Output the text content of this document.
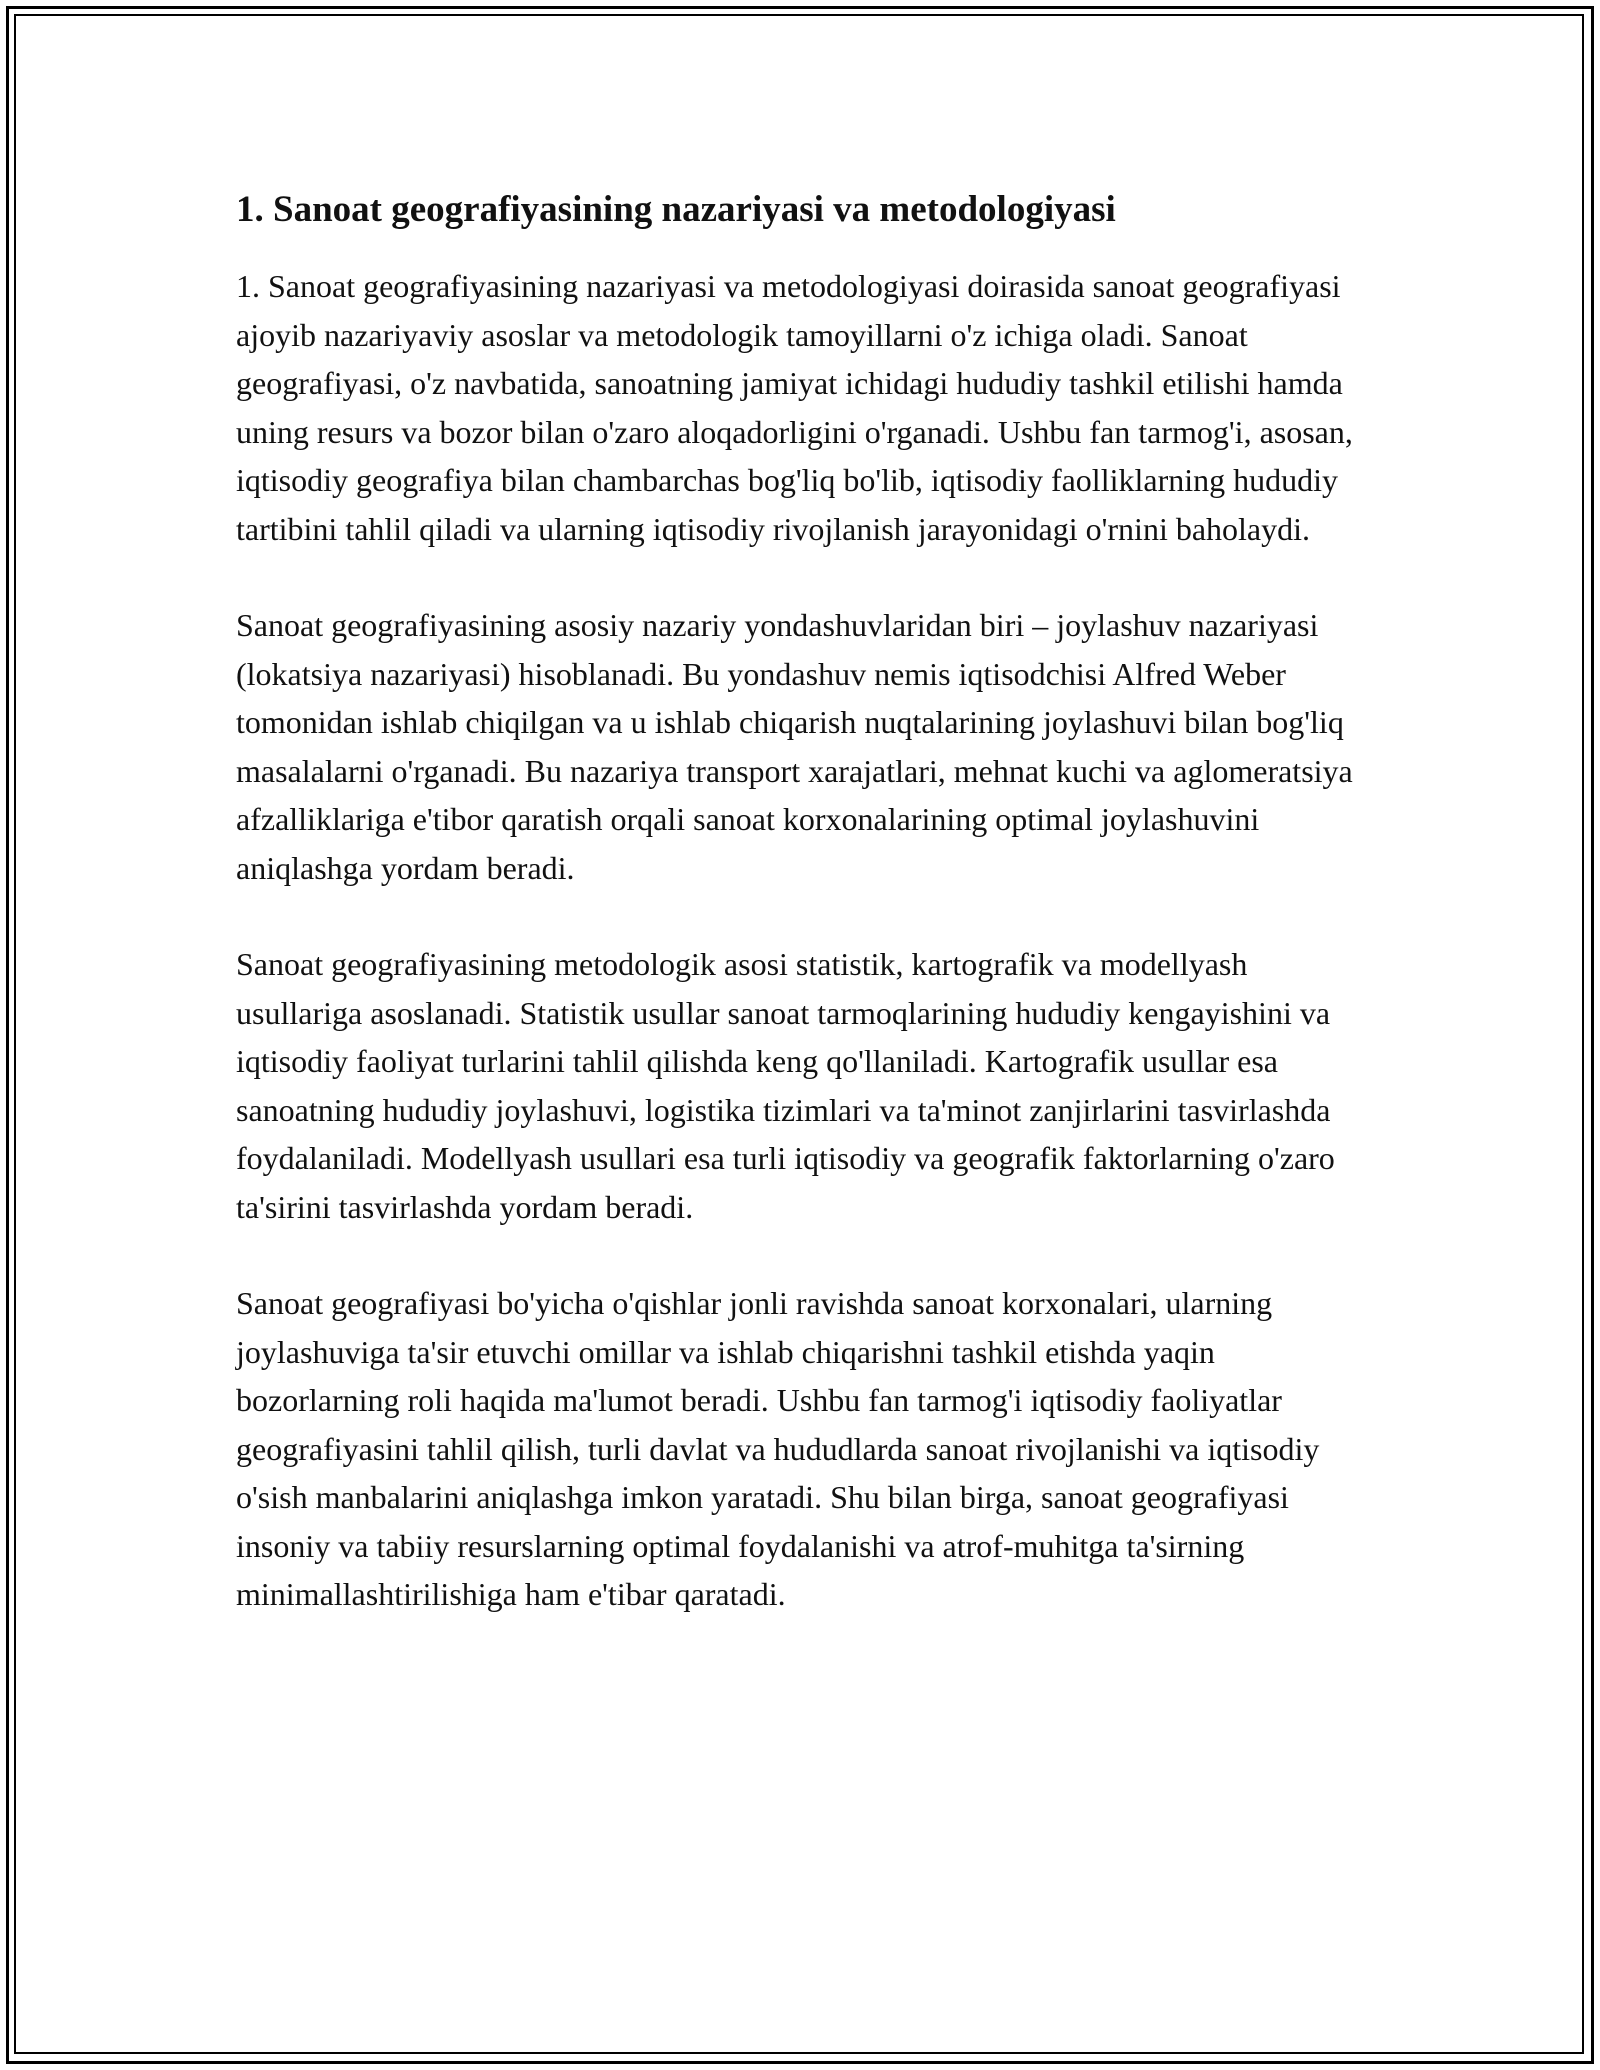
1. Sanoat geografiyasining nazariyasi va metodologiyasi

1. Sanoat geografiyasining nazariyasi va metodologiyasi doirasida sanoat geografiyasi ajoyib nazariyaviy asoslar va metodologik tamoyillarni o'z ichiga oladi. Sanoat geografiyasi, o'z navbatida, sanoatning jamiyat ichidagi hududiy tashkil etilishi hamda uning resurs va bozor bilan o'zaro aloqadorligini o'rganadi. Ushbu fan tarmog'i, asosan, iqtisodiy geografiya bilan chambarchas bog'liq bo'lib, iqtisodiy faolliklarning hududiy tartibini tahlil qiladi va ularning iqtisodiy rivojlanish jarayonidagi o'rnini baholaydi.

Sanoat geografiyasining asosiy nazariy yondashuvlaridan biri – joylashuv nazariyasi (lokatsiya nazariyasi) hisoblanadi. Bu yondashuv nemis iqtisodchisi Alfred Weber tomonidan ishlab chiqilgan va u ishlab chiqarish nuqtalarining joylashuvi bilan bog'liq masalalarni o'rganadi. Bu nazariya transport xarajatlari, mehnat kuchi va aglomeratsiya afzalliklariga e'tibor qaratish orqali sanoat korxonalarining optimal joylashuvini aniqlashga yordam beradi.

Sanoat geografiyasining metodologik asosi statistik, kartografik va modellyash usullariga asoslanadi. Statistik usullar sanoat tarmoqlarining hududiy kengayishini va iqtisodiy faoliyat turlarini tahlil qilishda keng qo'llaniladi. Kartografik usullar esa sanoatning hududiy joylashuvi, logistika tizimlari va ta'minot zanjirlarini tasvirlashda foydalaniladi. Modellyash usullari esa turli iqtisodiy va geografik faktorlarning o'zaro ta'sirini tasvirlashda yordam beradi.

Sanoat geografiyasi bo'yicha o'qishlar jonli ravishda sanoat korxonalari, ularning joylashuviga ta'sir etuvchi omillar va ishlab chiqarishni tashkil etishda yaqin bozorlarning roli haqida ma'lumot beradi. Ushbu fan tarmog'i iqtisodiy faoliyatlar geografiyasini tahlil qilish, turli davlat va hududlarda sanoat rivojlanishi va iqtisodiy o'sish manbalarini aniqlashga imkon yaratadi. Shu bilan birga, sanoat geografiyasi insoniy va tabiiy resurslarning optimal foydalanishi va atrof-muhitga ta'sirning minimallashtirilishiga ham e'tibar qaratadi.
